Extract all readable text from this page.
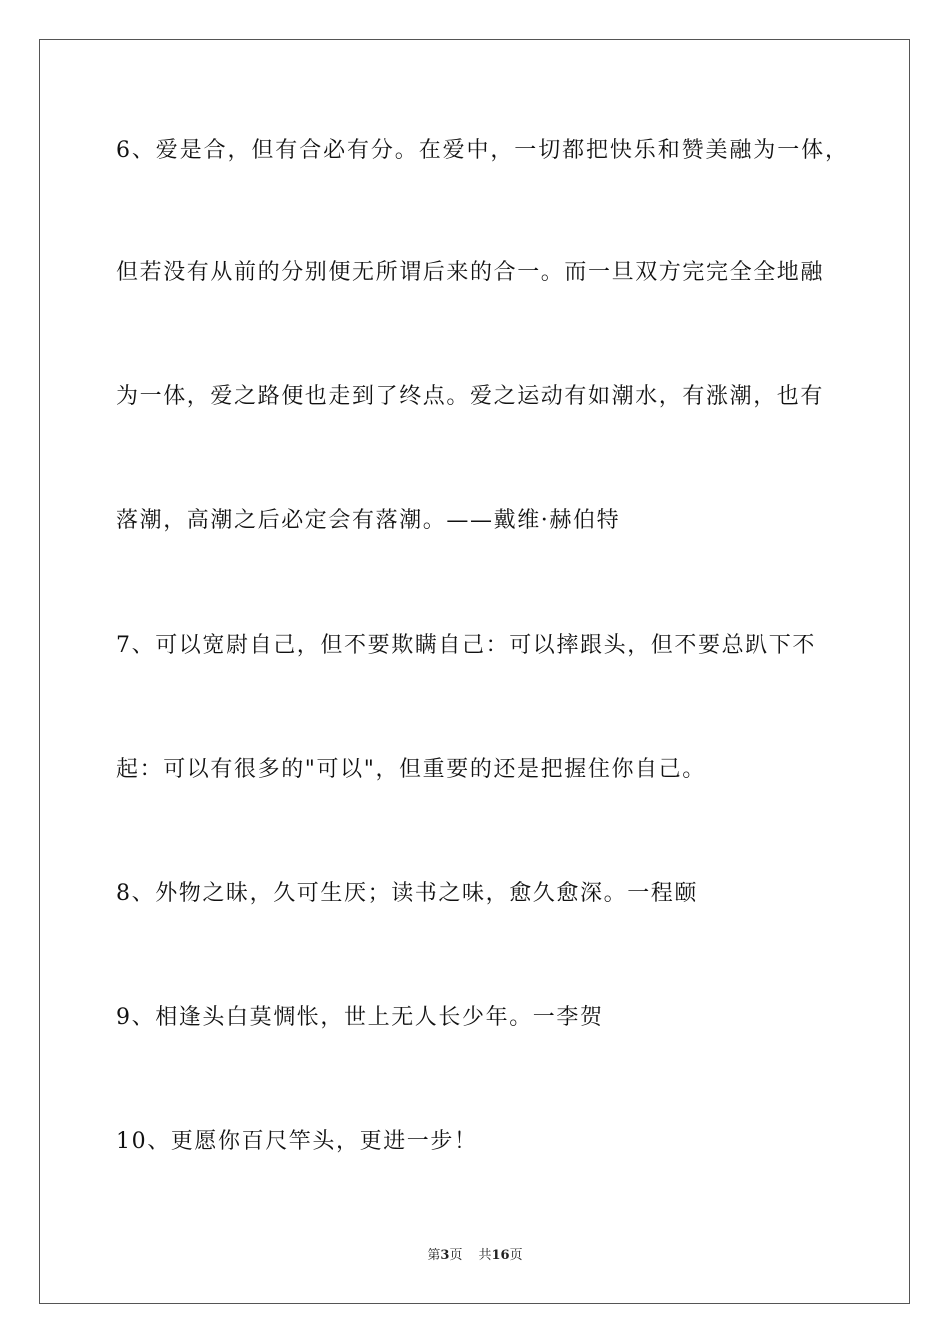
6、爱是合，但有合必有分。在爱中，一切都把快乐和赞美融为一体，
但若没有从前的分别便无所谓后来的合一。而一旦双方完完全全地融
为一体，爱之路便也走到了终点。爱之运动有如潮水，有涨潮，也有
落潮，高潮之后必定会有落潮。——戴维·赫伯特
7、可以宽尉自己，但不要欺瞒自己：可以摔跟头，但不要总趴下不
起：可以有很多的"可以"，但重要的还是把握住你自己。
8、外物之昧，久可生厌；读书之味，愈久愈深。一程颐
9、相逢头白莫惆怅，世上无人长少年。一李贺
10、更愿你百尺竿头，更进一步！
第3页 共16页
